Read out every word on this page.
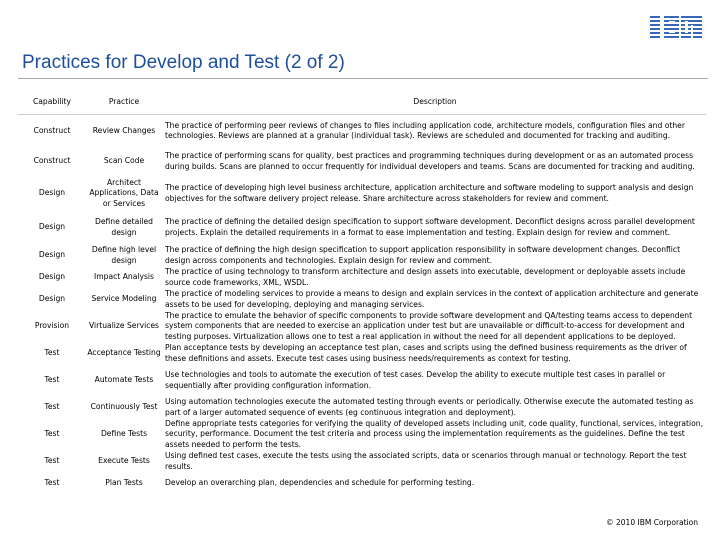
Practices for Develop and Test (2 of 2)
Capability	Practice	Description
Construct	Review Changes	The practice of performing peer reviews of changes to files including application code, architecture models, configuration files and other technologies. Reviews are planned at a granular (individual task). Reviews are scheduled and documented for tracking and auditing.
Construct	Scan Code	The practice of performing scans for quality, best practices and programming techniques during development or as an automated process during builds. Scans are planned to occur frequently for individual developers and teams. Scans are documented for tracking and auditing.
Design	Architect Applications, Data or Services	The practice of developing high level business architecture, application architecture and software modeling to support analysis and design objectives for the software delivery project release. Share architecture across stakeholders for review and comment.
Design	Define detailed design	The practice of defining the detailed design specification to support software development. Deconflict designs across parallel development projects. Explain the detailed requirements in a format to ease implementation and testing. Explain design for review and comment.
Design	Define high level design	The practice of defining the high design specification to support application responsibility in software development changes. Deconflict design across components and technologies. Explain design for review and comment.
Design	Impact Analysis	The practice of using technology to transform architecture and design assets into executable, development or deployable assets include source code frameworks, XML, WSDL.
Design	Service Modeling	The practice of modeling services to provide a means to design and explain services in the context of application architecture and generate assets to be used for developing, deploying and managing services.
Provision	Virtualize Services	The practice to emulate the behavior of specific components to provide software development and QA/testing teams access to dependent system components that are needed to exercise an application under test but are unavailable or difficult-to-access for development and testing purposes. Virtualization allows one to test a real application in without the need for all dependent applications to be deployed.
Test	Acceptance Testing	Plan acceptance tests by developing an acceptance test plan, cases and scripts using the defined business requirements as the driver of these definitions and assets. Execute test cases using business needs/requirements as context for testing.
Test	Automate Tests	Use technologies and tools to automate the execution of test cases. Develop the ability to execute multiple test cases in parallel or sequentially after providing configuration information.
Test	Continuously Test	Using automation technologies execute the automated testing through events or periodically. Otherwise execute the automated testing as part of a larger automated sequence of events (eg continuous integration and deployment).
Test	Define Tests	Define appropriate tests categories for verifying the quality of developed assets including unit, code quality, functional, services, integration, security, performance. Document the test criteria and process using the implementation requirements as the guidelines. Define the test assets needed to perform the tests.
Test	Execute Tests	Using defined test cases, execute the tests using the associated scripts, data or scenarios through manual or technology. Report the test results.
Test	Plan Tests	Develop an overarching plan, dependencies and schedule for performing testing.
© 2010 IBM Corporation
